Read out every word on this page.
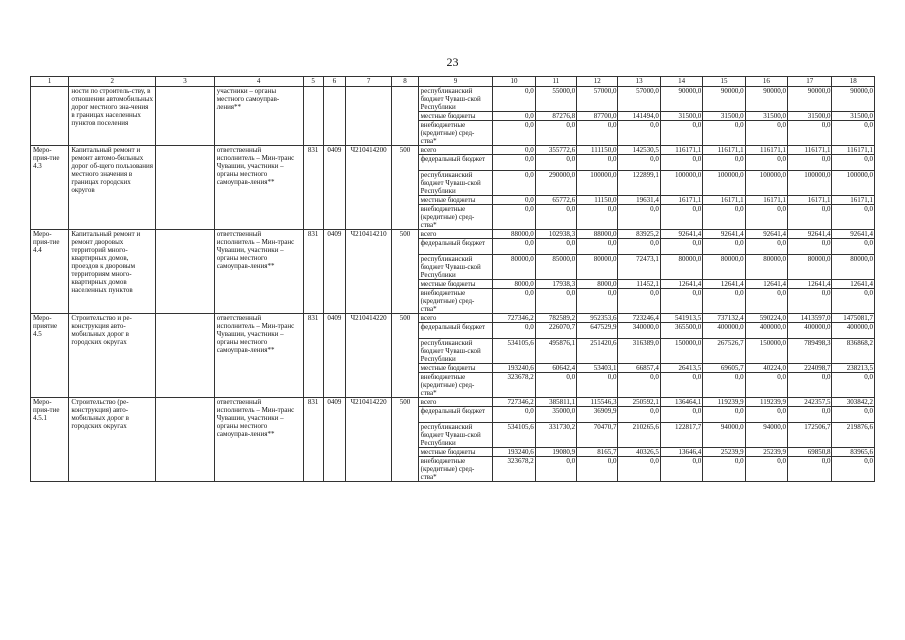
23
1	2	3	4	5	6	7	8	9	10	11	12	13	14	15	16	17	18
	ности по строитель-ству, в отношении автомобильных дорог местного зна-чения в границах населенных пунктов поселения		участники – органы местного самоуправ-ления**					республиканский бюджет Чуваш-ской Республики	0,0	55000,0	57000,0	57000,0	90000,0	90000,0	90000,0	90000,0	90000,0
								местные бюджеты	0,0	87276,8	87700,0	141494,0	31500,0	31500,0	31500,0	31500,0	31500,0
								внебюджетные (кредитные) сред-ства*	0,0	0,0	0,0	0,0	0,0	0,0	0,0	0,0	0,0
Меро-прия-тие 4.3	Капитальный ремонт и ремонт автомо-бильных дорог об-щего пользования местного значения в границах городских округов		ответственный исполнитель – Мин-транс Чувашии, участники – органы местного самоуправ-ления**	831	0409	Ч210414200	500	всего	0,0	355772,6	111150,0	142530,5	116171,1	116171,1	116171,1	116171,1	116171,1
								федеральный бюджет	0,0	0,0	0,0	0,0	0,0	0,0	0,0	0,0	0,0
								республиканский бюджет Чуваш-ской Республики	0,0	290000,0	100000,0	122899,1	100000,0	100000,0	100000,0	100000,0	100000,0
								местные бюджеты	0,0	65772,6	11150,0	19631,4	16171,1	16171,1	16171,1	16171,1	16171,1
								внебюджетные (кредитные) сред-ства*	0,0	0,0	0,0	0,0	0,0	0,0	0,0	0,0	0,0
Меро-прия-тие 4.4	Капитальный ремонт и ремонт дворовых территорий много-квартирных домов, проездов к дворовым территориям много-квартирных домов населенных пунктов		ответственный исполнитель – Мин-транс Чувашии, участники – органы местного самоуправ-ления**	831	0409	Ч210414210	500	всего	88000,0	102938,3	88000,0	83925,2	92641,4	92641,4	92641,4	92641,4	92641,4
								федеральный бюджет	0,0	0,0	0,0	0,0	0,0	0,0	0,0	0,0	0,0
								республиканский бюджет Чуваш-ской Республики	80000,0	85000,0	80000,0	72473,1	80000,0	80000,0	80000,0	80000,0	80000,0
								местные бюджеты	8000,0	17938,3	8000,0	11452,1	12641,4	12641,4	12641,4	12641,4	12641,4
								внебюджетные (кредитные) сред-ства*	0,0	0,0	0,0	0,0	0,0	0,0	0,0	0,0	0,0
Меро-приятие 4.5	Строительство и ре-конструкция авто-мобильных дорог в городских округах		ответственный исполнитель – Мин-транс Чувашии, участники – органы местного самоуправ-ления**	831	0409	Ч210414220	500	всего	727346,2	782589,2	952353,6	723246,4	541913,5	737132,4	590224,0	1413597,0	1475081,7
								федеральный бюджет	0,0	226070,7	647529,9	340000,0	365500,0	400000,0	400000,0	400000,0	400000,0
								республиканский бюджет Чуваш-ской Республики	534105,6	495876,1	251420,6	316389,0	150000,0	267526,7	150000,0	789498,3	836868,2
								местные бюджеты	193240,6	60642,4	53403,1	66857,4	26413,5	69605,7	40224,0	224098,7	238213,5
								внебюджетные (кредитные) сред-ства*	323678,2	0,0	0,0	0,0	0,0	0,0	0,0	0,0	0,0
Меро-прия-тие 4.5.1	Строительство (ре-конструкция) авто-мобильных дорог в городских округах		ответственный исполнитель – Мин-транс Чувашии, участники – органы местного самоуправ-ления**	831	0409	Ч210414220	500	всего	727346,2	385811,1	115546,3	250592,1	136464,1	119239,9	119239,9	242357,5	303842,2
								федеральный бюджет	0,0	35000,0	36909,9	0,0	0,0	0,0	0,0	0,0	0,0
								республиканский бюджет Чуваш-ской Республики	534105,6	331730,2	70470,7	210265,6	122817,7	94000,0	94000,0	172506,7	219876,6
								местные бюджеты	193240,6	19080,9	8165,7	40326,5	13646,4	25239,9	25239,9	69850,8	83965,6
								внебюджетные (кредитные) сред-ства*	323678,2	0,0	0,0	0,0	0,0	0,0	0,0	0,0	0,0
